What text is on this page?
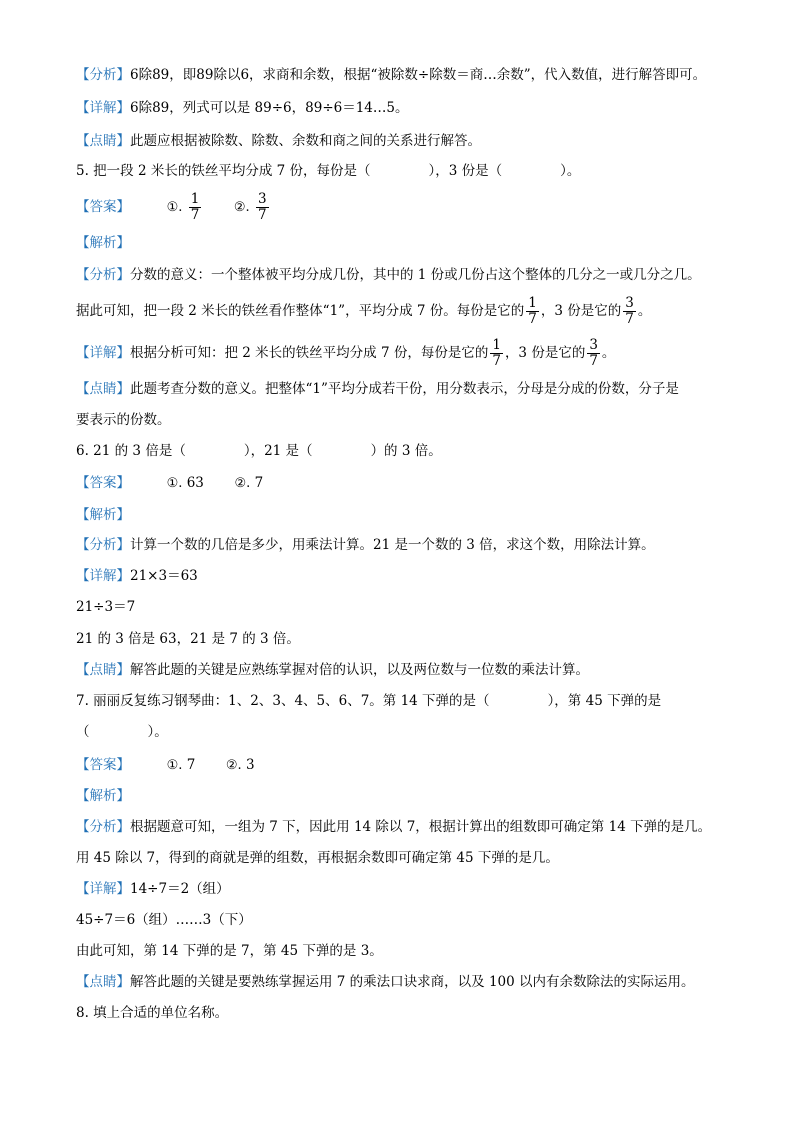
【分析】6除89，即89除以6，求商和余数，根据“被除数÷除数＝商…余数”，代入数值，进行解答即可。
【详解】6除89，列式可以是 89÷6，89÷6＝14…5。
【点睛】此题应根据被除数、除数、余数和商之间的关系进行解答。
5. 把一段 2 米长的铁丝平均分成 7 份，每份是（	），3 份是（	）。
【答案】	①. $\frac{1}{7}$	②. $\frac{3}{7}$
【解析】
【分析】分数的意义：一个整体被平均分成几份，其中的 1 份或几份占这个整体的几分之一或几分之几。
据此可知，把一段 2 米长的铁丝看作整体“1”，平均分成 7 份。每份是它的 $\frac{1}{7}$ ，3 份是它的 $\frac{3}{7}$ 。
【详解】根据分析可知：把 2 米长的铁丝平均分成 7 份，每份是它的 $\frac{1}{7}$ ，3 份是它的 $\frac{3}{7}$ 。
【点睛】此题考查分数的意义。把整体“1”平均分成若干份，用分数表示，分母是分成的份数，分子是
要表示的份数。
6. 21 的 3 倍是（	），21 是（	）的 3 倍。
【答案】	①. 63 ②. 7
【解析】
【分析】计算一个数的几倍是多少，用乘法计算。21 是一个数的 3 倍，求这个数，用除法计算。
【详解】21×3＝63
21÷3＝7
21 的 3 倍是 63，21 是 7 的 3 倍。
【点睛】解答此题的关键是应熟练掌握对倍的认识，以及两位数与一位数的乘法计算。
7. 丽丽反复练习钢琴曲：1、2、3、4、5、6、7。第 14 下弹的是（	），第 45 下弹的是
（	）。
【答案】	①. 7 ②. 3
【解析】
【分析】根据题意可知，一组为 7 下，因此用 14 除以 7，根据计算出的组数即可确定第 14 下弹的是几。
用 45 除以 7，得到的商就是弹的组数，再根据余数即可确定第 45 下弹的是几。
【详解】14÷7＝2（组）
45÷7＝6（组）……3（下）
由此可知，第 14 下弹的是 7，第 45 下弹的是 3。
【点睛】解答此题的关键是要熟练掌握运用 7 的乘法口诀求商，以及 100 以内有余数除法的实际运用。
8. 填上合适的单位名称。
